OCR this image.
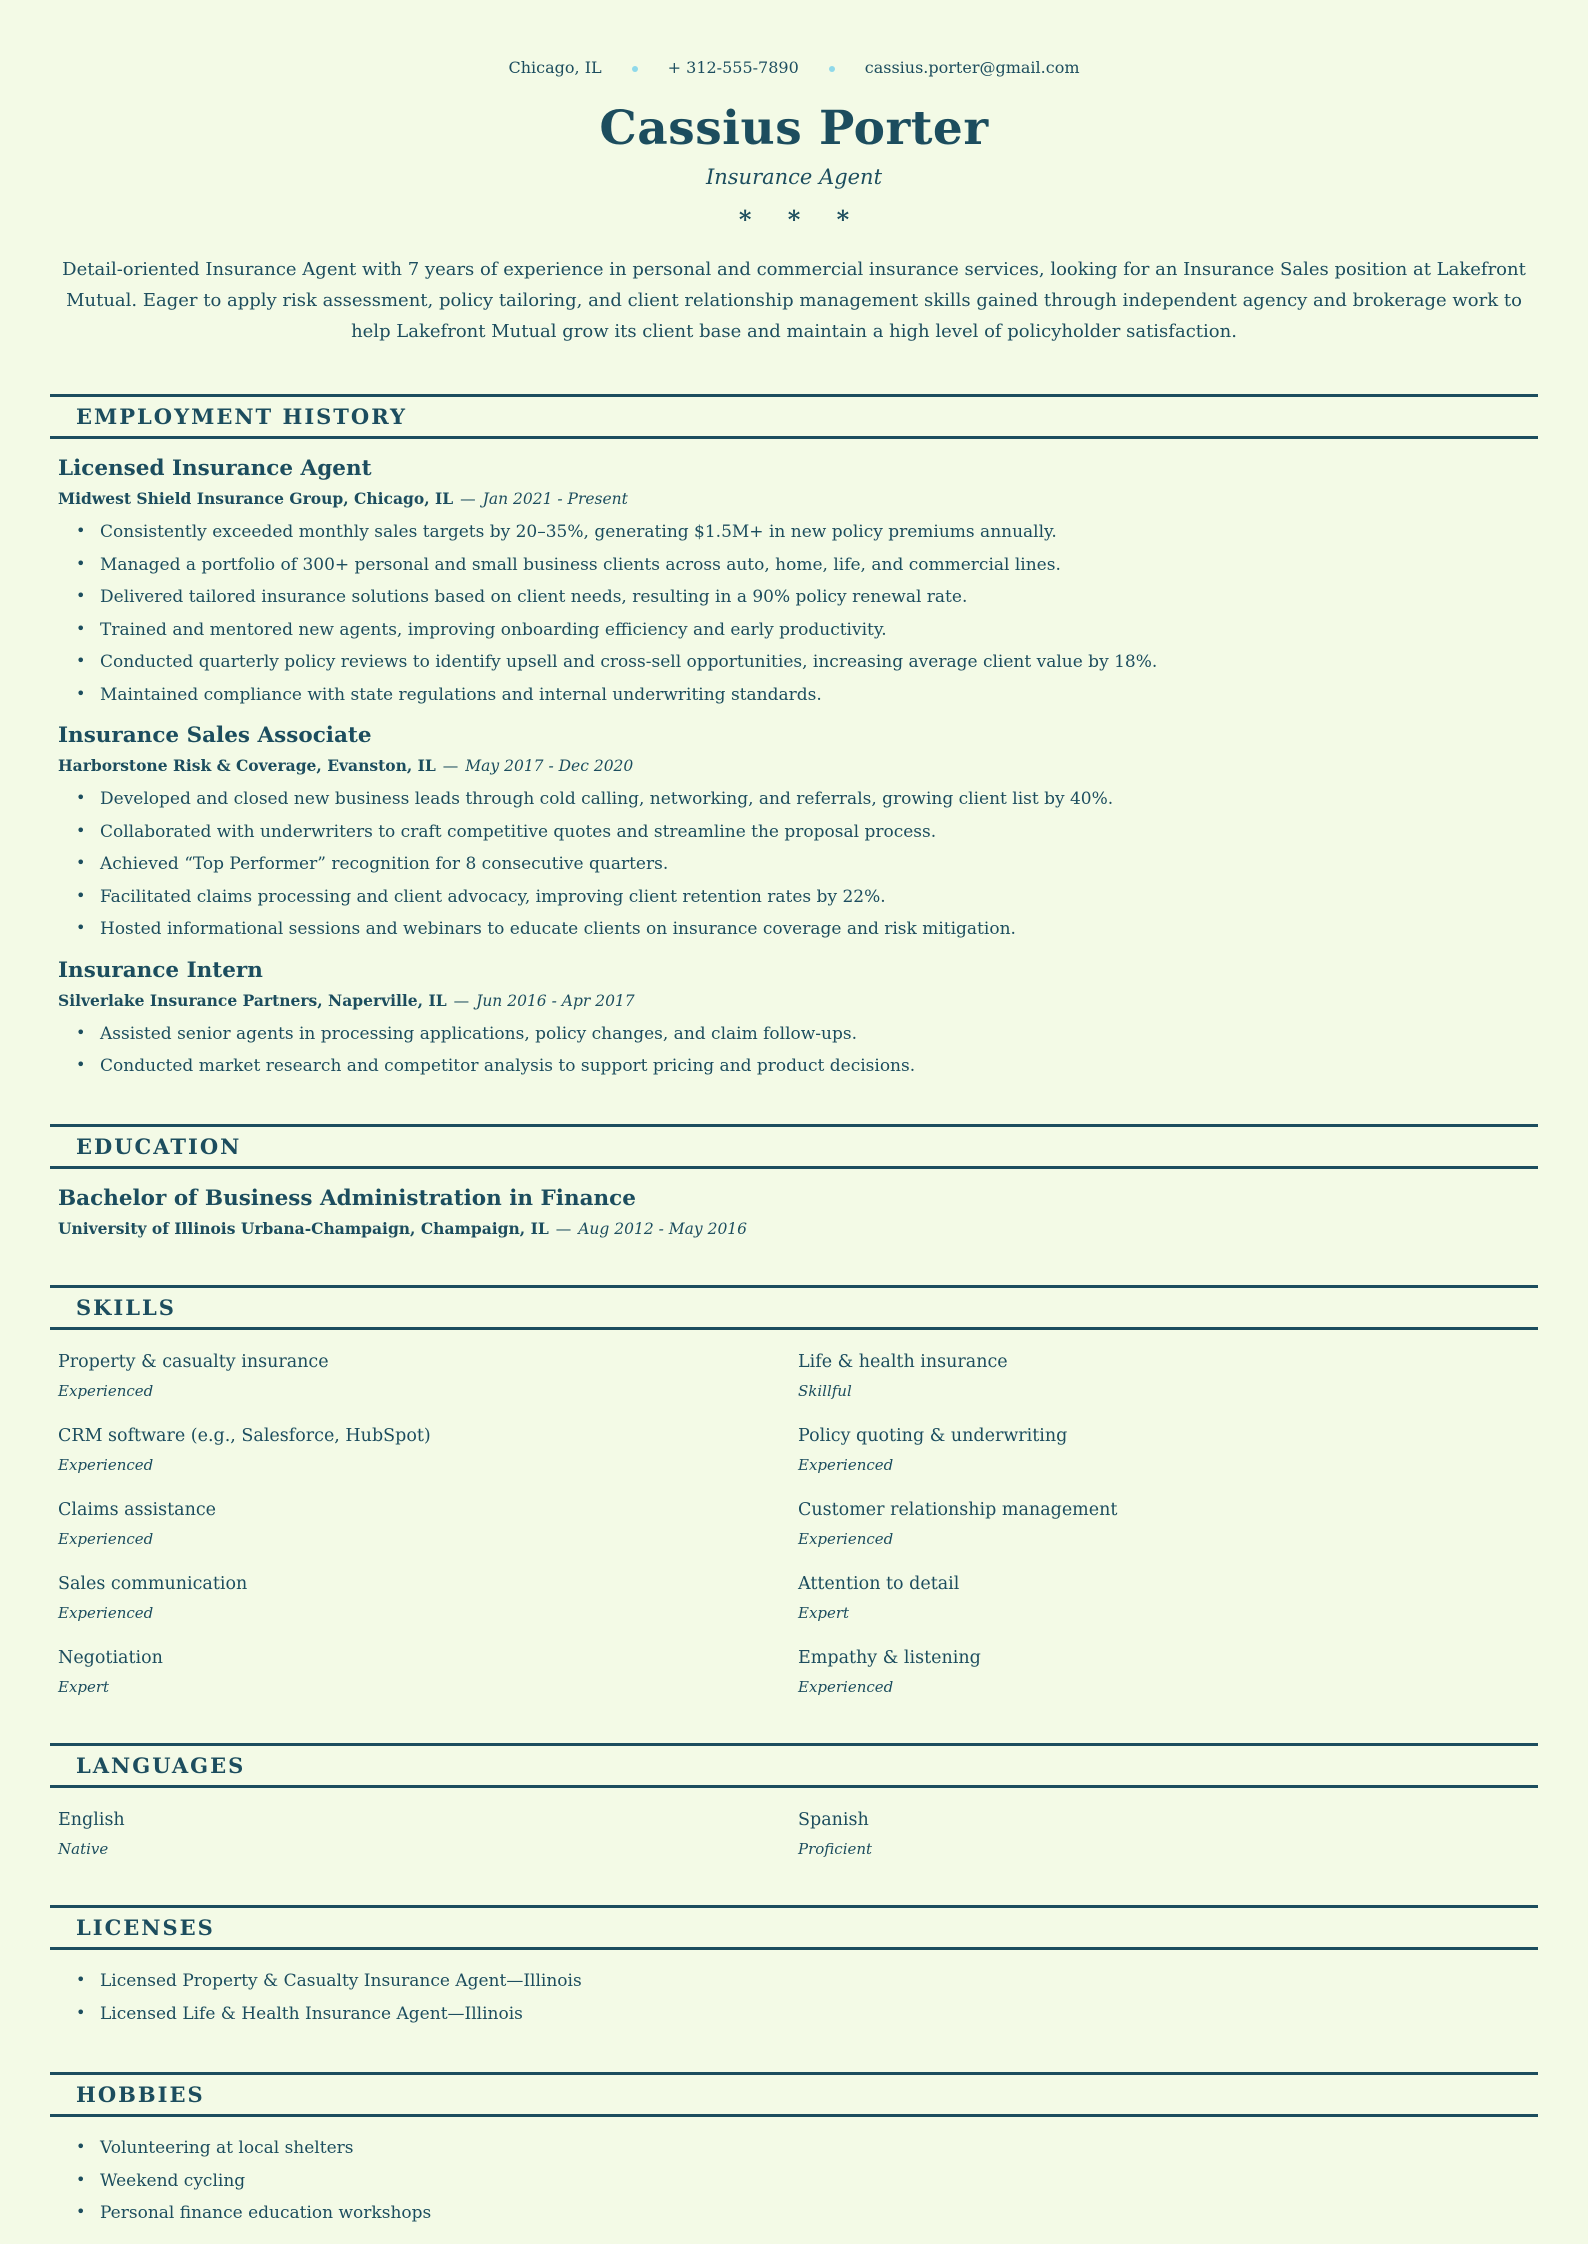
Chicago, IL	+ 312-555-7890	cassius.porter@gmail.com
Cassius Porter
Insurance Agent
* * *

Detail-oriented Insurance Agent with 7 years of experience in personal and commercial insurance services, looking for an Insurance Sales position at Lakefront Mutual. Eager to apply risk assessment, policy tailoring, and client relationship management skills gained through independent agency and brokerage work to help Lakefront Mutual grow its client base and maintain a high level of policyholder satisfaction.

EMPLOYMENT HISTORY
Licensed Insurance Agent
Midwest Shield Insurance Group, Chicago, IL — Jan 2021 - Present
• Consistently exceeded monthly sales targets by 20–35%, generating $1.5M+ in new policy premiums annually.
• Managed a portfolio of 300+ personal and small business clients across auto, home, life, and commercial lines.
• Delivered tailored insurance solutions based on client needs, resulting in a 90% policy renewal rate.
• Trained and mentored new agents, improving onboarding efficiency and early productivity.
• Conducted quarterly policy reviews to identify upsell and cross-sell opportunities, increasing average client value by 18%.
• Maintained compliance with state regulations and internal underwriting standards.
Insurance Sales Associate
Harborstone Risk & Coverage, Evanston, IL — May 2017 - Dec 2020
• Developed and closed new business leads through cold calling, networking, and referrals, growing client list by 40%.
• Collaborated with underwriters to craft competitive quotes and streamline the proposal process.
• Achieved “Top Performer” recognition for 8 consecutive quarters.
• Facilitated claims processing and client advocacy, improving client retention rates by 22%.
• Hosted informational sessions and webinars to educate clients on insurance coverage and risk mitigation.
Insurance Intern
Silverlake Insurance Partners, Naperville, IL — Jun 2016 - Apr 2017
• Assisted senior agents in processing applications, policy changes, and claim follow-ups.
• Conducted market research and competitor analysis to support pricing and product decisions.
EDUCATION
Bachelor of Business Administration in Finance
University of Illinois Urbana-Champaign, Champaign, IL — Aug 2012 - May 2016
SKILLS
Property & casualty insurance
Experienced
Life & health insurance
Skillful
CRM software (e.g., Salesforce, HubSpot)
Experienced
Policy quoting & underwriting
Experienced
Claims assistance
Experienced
Customer relationship management
Experienced
Sales communication
Experienced
Attention to detail
Expert
Negotiation
Expert
Empathy & listening
Experienced
LANGUAGES
English
Native
Spanish
Proficient
LICENSES
• Licensed Property & Casualty Insurance Agent—Illinois
• Licensed Life & Health Insurance Agent—Illinois
HOBBIES
• Volunteering at local shelters
• Weekend cycling
• Personal finance education workshops
